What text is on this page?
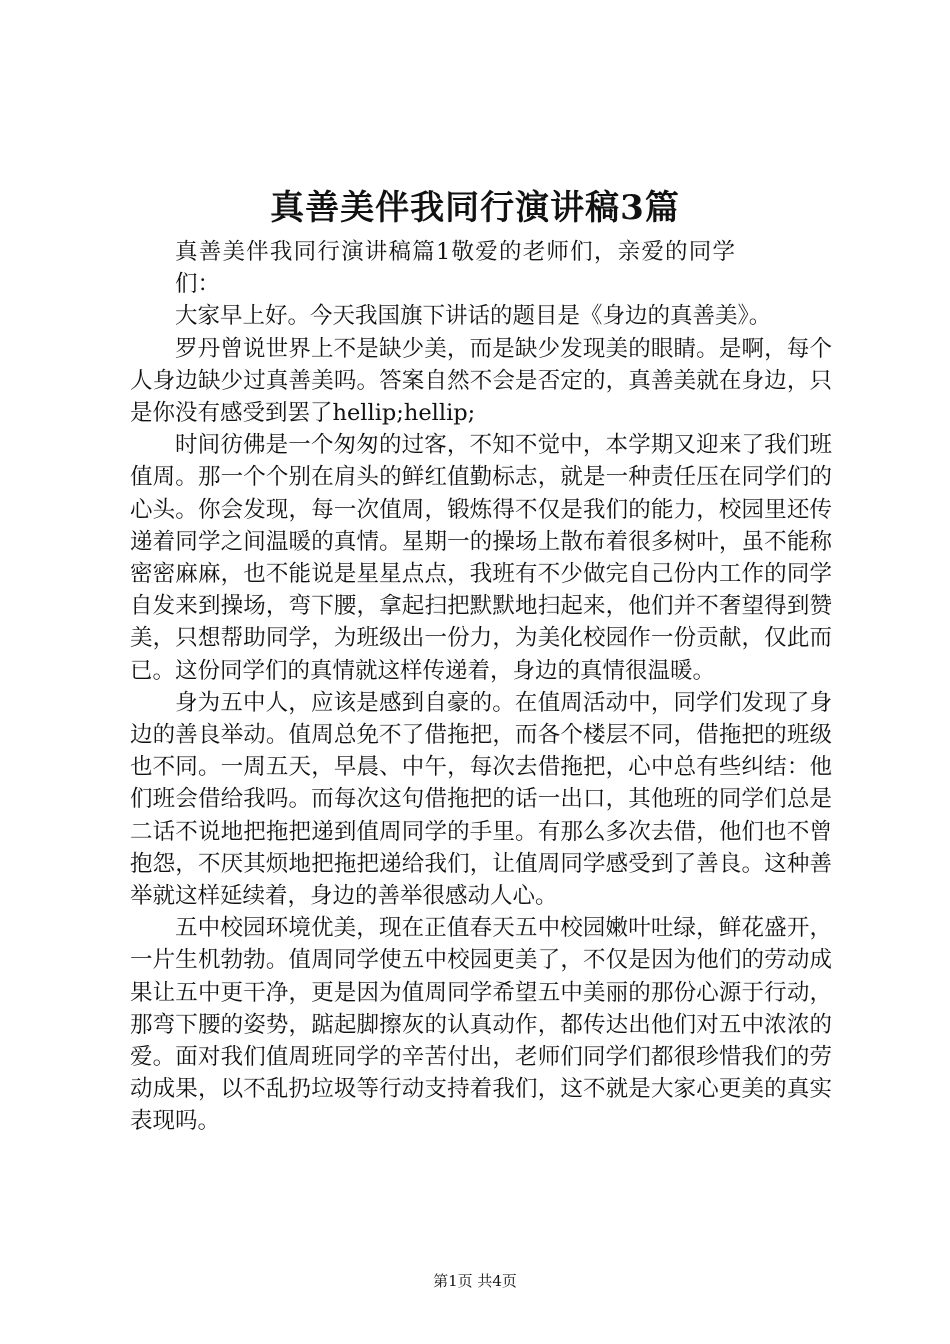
真善美伴我同行演讲稿3篇

真善美伴我同行演讲稿篇1敬爱的老师们，亲爱的同学们：

大家早上好。今天我国旗下讲话的题目是《身边的真善美》。

罗丹曾说世界上不是缺少美，而是缺少发现美的眼睛。是啊，每个人身边缺少过真善美吗。答案自然不会是否定的，真善美就在身边，只是你没有感受到罢了hellip;hellip;

时间彷佛是一个匆匆的过客，不知不觉中，本学期又迎来了我们班值周。那一个个别在肩头的鲜红值勤标志，就是一种责任压在同学们的心头。你会发现，每一次值周，锻炼得不仅是我们的能力，校园里还传递着同学之间温暖的真情。星期一的操场上散布着很多树叶，虽不能称密密麻麻，也不能说是星星点点，我班有不少做完自己份内工作的同学自发来到操场，弯下腰，拿起扫把默默地扫起来，他们并不奢望得到赞美，只想帮助同学，为班级出一份力，为美化校园作一份贡献，仅此而已。这份同学们的真情就这样传递着，身边的真情很温暖。

身为五中人，应该是感到自豪的。在值周活动中，同学们发现了身边的善良举动。值周总免不了借拖把，而各个楼层不同，借拖把的班级也不同。一周五天，早晨、中午，每次去借拖把，心中总有些纠结：他们班会借给我吗。而每次这句借拖把的话一出口，其他班的同学们总是二话不说地把拖把递到值周同学的手里。有那么多次去借，他们也不曾抱怨，不厌其烦地把拖把递给我们，让值周同学感受到了善良。这种善举就这样延续着，身边的善举很感动人心。

五中校园环境优美，现在正值春天五中校园嫩叶吐绿，鲜花盛开，一片生机勃勃。值周同学使五中校园更美了，不仅是因为他们的劳动成果让五中更干净，更是因为值周同学希望五中美丽的那份心源于行动，那弯下腰的姿势，踮起脚擦灰的认真动作，都传达出他们对五中浓浓的爱。面对我们值周班同学的辛苦付出，老师们同学们都很珍惜我们的劳动成果，以不乱扔垃圾等行动支持着我们，这不就是大家心更美的真实表现吗。

第1页 共4页
